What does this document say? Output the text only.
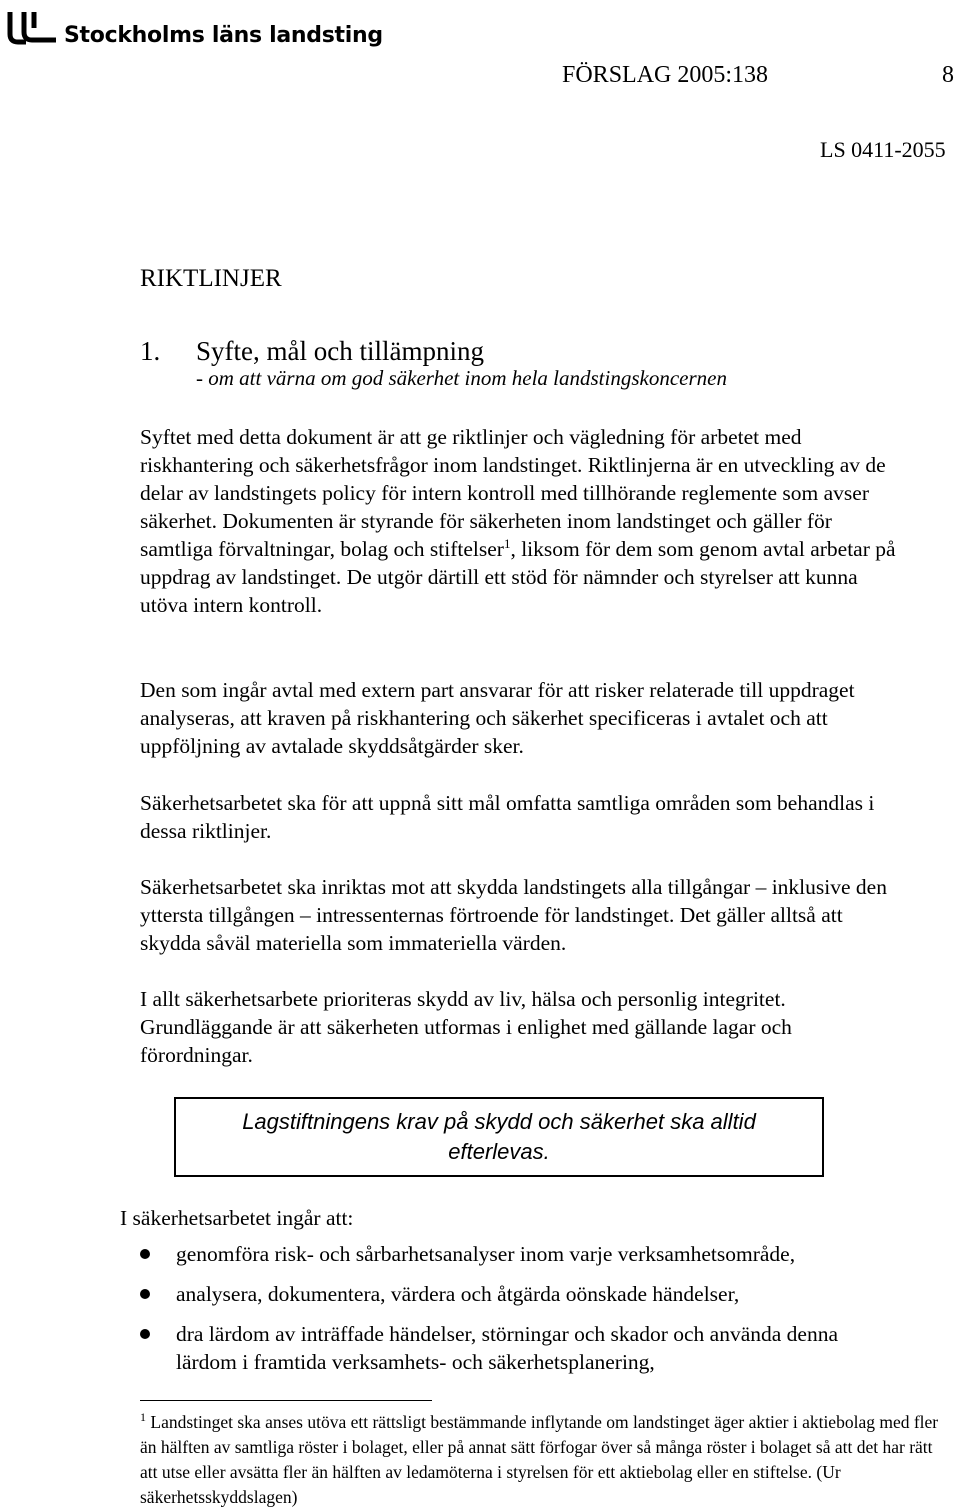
Stockholms läns landsting
FÖRSLAG 2005:138	8
LS 0411-2055
RIKTLINJER
1. Syfte, mål och tillämpning
- om att värna om god säkerhet inom hela landstingskoncernen
Syftet med detta dokument är att ge riktlinjer och vägledning för arbetet med riskhantering och säkerhetsfrågor inom landstinget. Riktlinjerna är en utveckling av de delar av landstingets policy för intern kontroll med tillhörande reglemente som avser säkerhet. Dokumenten är styrande för säkerheten inom landstinget och gäller för samtliga förvaltningar, bolag och stiftelser$^1$, liksom för dem som genom avtal arbetar på uppdrag av landstinget. De utgör därtill ett stöd för nämnder och styrelser att kunna utöva intern kontroll.
Den som ingår avtal med extern part ansvarar för att risker relaterade till uppdraget analyseras, att kraven på riskhantering och säkerhet specificeras i avtalet och att uppföljning av avtalade skyddsåtgärder sker.
Säkerhetsarbetet ska för att uppnå sitt mål omfatta samtliga områden som behandlas i dessa riktlinjer.
Säkerhetsarbetet ska inriktas mot att skydda landstingets alla tillgångar – inklusive den yttersta tillgången – intressenternas förtroende för landstinget. Det gäller alltså att skydda såväl materiella som immateriella värden.
I allt säkerhetsarbete prioriteras skydd av liv, hälsa och personlig integritet. Grundläggande är att säkerheten utformas i enlighet med gällande lagar och förordningar.
Lagstiftningens krav på skydd och säkerhet ska alltid efterlevas.
I säkerhetsarbetet ingår att:
genomföra risk- och sårbarhetsanalyser inom varje verksamhetsområde,
analysera, dokumentera, värdera och åtgärda oönskade händelser,
dra lärdom av inträffade händelser, störningar och skador och använda denna lärdom i framtida verksamhets- och säkerhetsplanering,
$^1$ Landstinget ska anses utöva ett rättsligt bestämmande inflytande om landstinget äger aktier i aktiebolag med fler än hälften av samtliga röster i bolaget, eller på annat sätt förfogar över så många röster i bolaget så att det har rätt att utse eller avsätta fler än hälften av ledamöterna i styrelsen för ett aktiebolag eller en stiftelse. (Ur säkerhetsskyddslagen)
